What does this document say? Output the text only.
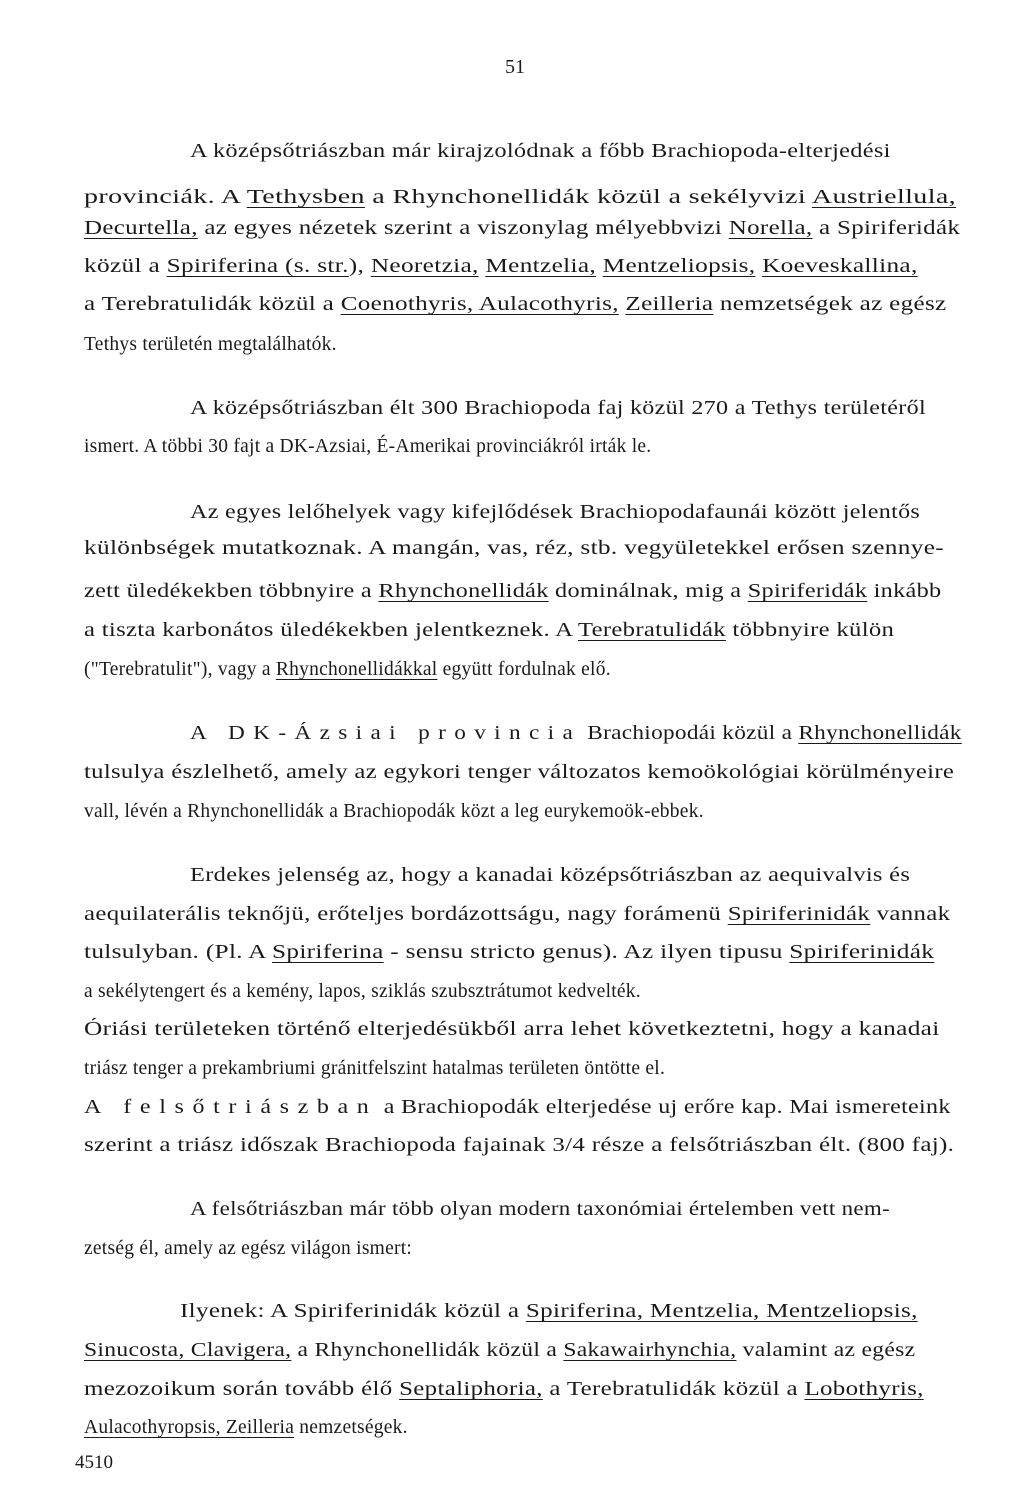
51
A középsőtriászban már kirajzolódnak a főbb Brachiopoda-elterjedési
provinciák. A Tethysben a Rhynchonellidák közül a sekélyvizi Austriellula,
Decurtella, az egyes nézetek szerint a viszonylag mélyebbvizi Norella, a Spiriferidák
közül a Spiriferina (s. str.), Neoretzia, Mentzelia, Mentzeliopsis, Koeveskallina,
a Terebratulidák közül a Coenothyris, Aulacothyris, Zeilleria nemzetségek az egész
Tethys területén megtalálhatók.
A középsőtriászban élt 300 Brachiopoda faj közül 270 a Tethys területéről
ismert. A többi 30 fajt a DK-Azsiai, É-Amerikai provinciákról irták le.
Az egyes lelőhelyek vagy kifejlődések Brachiopodafaunái között jelentős
különbségek mutatkoznak. A mangán, vas, réz, stb. vegyületekkel erősen szennye-
zett üledékekben többnyire a Rhynchonellidák dominálnak, mig a Spiriferidák inkább
a tiszta karbonátos üledékekben jelentkeznek. A Terebratulidák többnyire külön
("Terebratulit"), vagy a Rhynchonellidákkal együtt fordulnak elő.
A DK-Ázsiai provincia Brachiopodái közül a Rhynchonellidák
tulsulya észlelhető, amely az egykori tenger változatos kemoökológiai körülményeire
vall, lévén a Rhynchonellidák a Brachiopodák közt a leg eurykemoök-ebbek.
Erdekes jelenség az, hogy a kanadai középsőtriászban az aequivalvis és
aequilaterális teknőjü, erőteljes bordázottságu, nagy forámenü Spiriferinidák vannak
tulsulyban. (Pl. A Spiriferina - sensu stricto genus). Az ilyen tipusu Spiriferinidák
a sekélytengert és a kemény, lapos, sziklás szubsztrátumot kedvelték.
Óriási területeken történő elterjedésükből arra lehet következtetni, hogy a kanadai
triász tenger a prekambriumi gránitfelszint hatalmas területen öntötte el.
A felsőtriászban a Brachiopodák elterjedése uj erőre kap. Mai ismereteink
szerint a triász időszak Brachiopoda fajainak 3/4 része a felsőtriászban élt. (800 faj).
A felsőtriászban már több olyan modern taxonómiai értelemben vett nem-
zetség él, amely az egész világon ismert:
Ilyenek: A Spiriferinidák közül a Spiriferina, Mentzelia, Mentzeliopsis,
Sinucosta, Clavigera, a Rhynchonellidák közül a Sakawairhynchia, valamint az egész
mezozoikum során tovább élő Septaliphoria, a Terebratulidák közül a Lobothyris,
Aulacothyropsis, Zeilleria nemzetségek.
4510
